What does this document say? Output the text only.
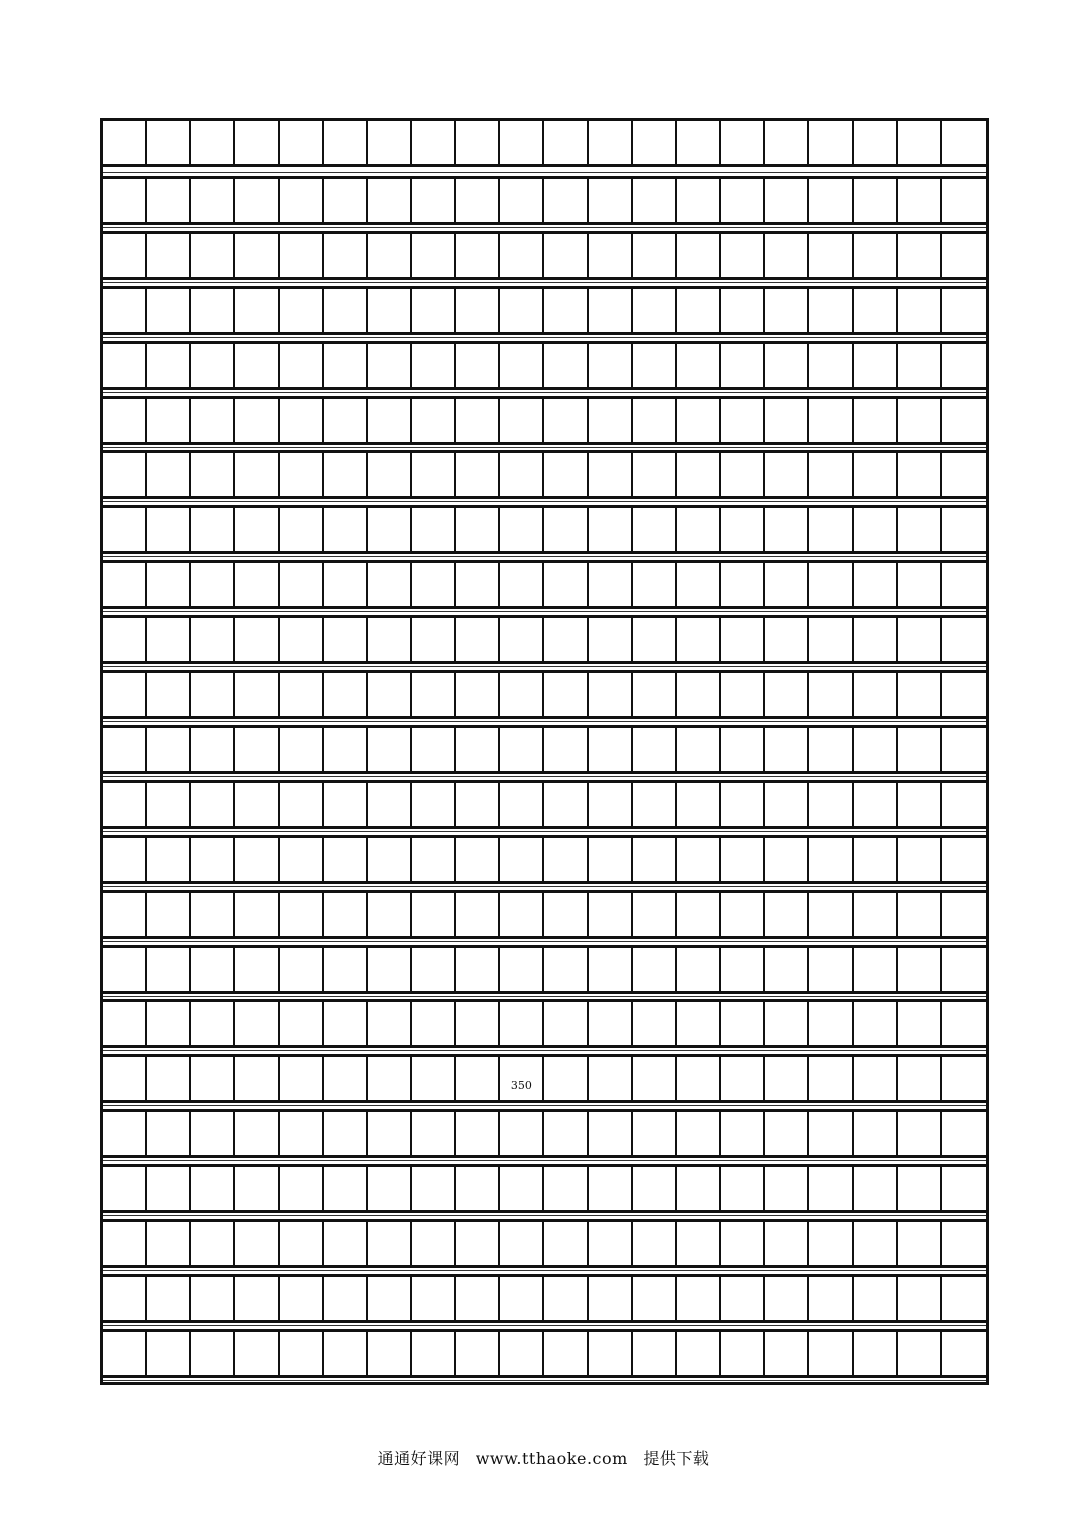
350
通通好课网 www.tthaoke.com 提供下载
